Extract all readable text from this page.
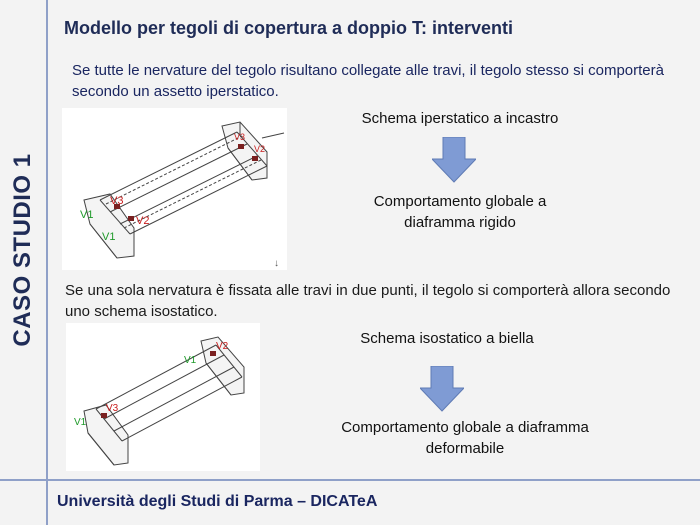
CASO STUDIO 1
Modello per tegoli di copertura a doppio T: interventi
Se tutte le nervature del tegolo risultano collegate alle travi, il tegolo stesso si comporterà secondo un assetto iperstatico.
V3
V2
V1
V3
V2
V1
↓
Schema iperstatico a incastro
Comportamento globale a
diaframma rigido
Se una sola nervatura è fissata alle travi in due punti, il tegolo si comporterà allora secondo uno schema isostatico.
V2
V1
V3
V1
Schema isostatico a biella
Comportamento globale a diaframma
deformabile
Università degli Studi di Parma – DICATeA
